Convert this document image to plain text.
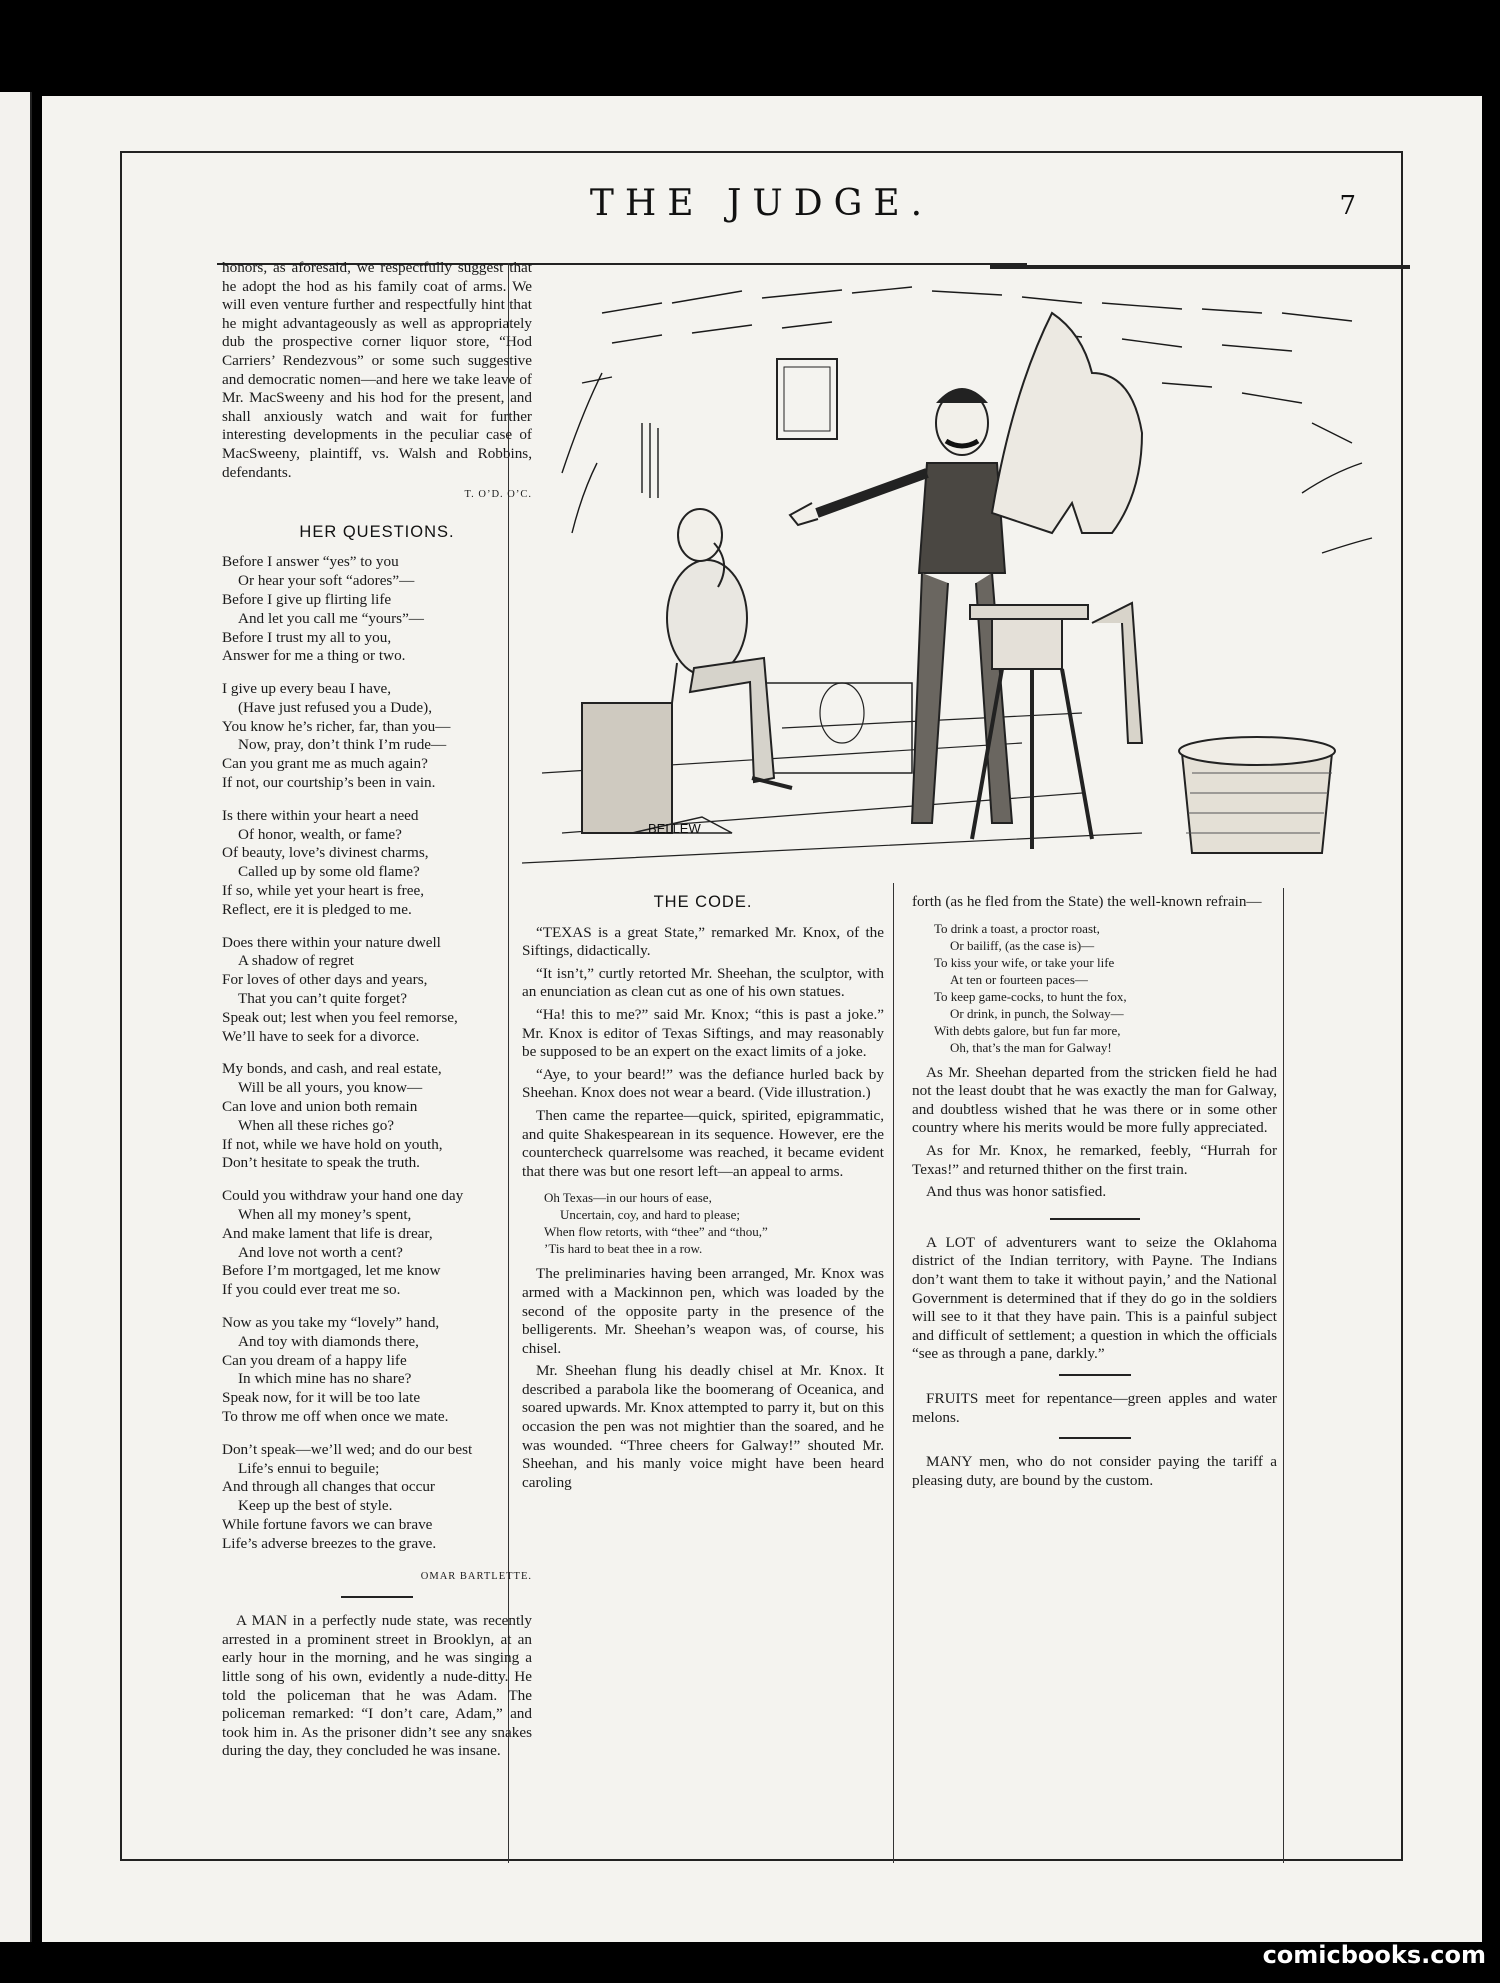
THE JUDGE.	7

honors, as aforesaid, we respectfully suggest that he adopt the hod as his family coat of arms. We will even venture further and respectfully hint that he might advantageously as well as appropriately dub the prospective corner liquor store, “Hod Carriers’ Rendezvous” or some such suggestive and democratic nomen—and here we take leave of Mr. MacSweeny and his hod for the present, and shall anxiously watch and wait for further interesting developments in the peculiar case of MacSweeny, plaintiff, vs. Walsh and Robbins, defendants.

T. O’D. O’C.
HER QUESTIONS.
Before I answer “yes” to you
Or hear your soft “adores”—
Before I give up flirting life
And let you call me “yours”—
Before I trust my all to you,
Answer for me a thing or two.
I give up every beau I have,
(Have just refused you a Dude),
You know he’s richer, far, than you—
Now, pray, don’t think I’m rude—
Can you grant me as much again?
If not, our courtship’s been in vain.
Is there within your heart a need
Of honor, wealth, or fame?
Of beauty, love’s divinest charms,
Called up by some old flame?
If so, while yet your heart is free,
Reflect, ere it is pledged to me.
Does there within your nature dwell
A shadow of regret
For loves of other days and years,
That you can’t quite forget?
Speak out; lest when you feel remorse,
We’ll have to seek for a divorce.
My bonds, and cash, and real estate,
Will be all yours, you know—
Can love and union both remain
When all these riches go?
If not, while we have hold on youth,
Don’t hesitate to speak the truth.
Could you withdraw your hand one day
When all my money’s spent,
And make lament that life is drear,
And love not worth a cent?
Before I’m mortgaged, let me know
If you could ever treat me so.
Now as you take my “lovely” hand,
And toy with diamonds there,
Can you dream of a happy life
In which mine has no share?
Speak now, for it will be too late
To throw me off when once we mate.
Don’t speak—we’ll wed; and do our best
Life’s ennui to beguile;
And through all changes that occur
Keep up the best of style.
While fortune favors we can brave
Life’s adverse breezes to the grave.
OMAR BARTLETTE.

A MAN in a perfectly nude state, was recently arrested in a prominent street in Brooklyn, at an early hour in the morning, and he was singing a little song of his own, evidently a nude-ditty. He told the policeman that he was Adam. The policeman remarked: “I don’t care, Adam,” and took him in. As the prisoner didn’t see any snakes during the day, they concluded he was insane.

BELLEW
THE CODE.

“TEXAS is a great State,” remarked Mr. Knox, of the Siftings, didactically.

“It isn’t,” curtly retorted Mr. Sheehan, the sculptor, with an enunciation as clean cut as one of his own statues.

“Ha! this to me?” said Mr. Knox; “this is past a joke.” Mr. Knox is editor of Texas Siftings, and may reasonably be supposed to be an expert on the exact limits of a joke.

“Aye, to your beard!” was the defiance hurled back by Sheehan. Knox does not wear a beard. (Vide illustration.)

Then came the repartee—quick, spirited, epigrammatic, and quite Shakespearean in its sequence. However, ere the countercheck quarrelsome was reached, it became evident that there was but one resort left—an appeal to arms.

Oh Texas—in our hours of ease,
Uncertain, coy, and hard to please;
When flow retorts, with “thee” and “thou,”
’Tis hard to beat thee in a row.

The preliminaries having been arranged, Mr. Knox was armed with a Mackinnon pen, which was loaded by the second of the opposite party in the presence of the belligerents. Mr. Sheehan’s weapon was, of course, his chisel.

Mr. Sheehan flung his deadly chisel at Mr. Knox. It described a parabola like the boomerang of Oceanica, and soared upwards. Mr. Knox attempted to parry it, but on this occasion the pen was not mightier than the soared, and he was wounded. “Three cheers for Galway!” shouted Mr. Sheehan, and his manly voice might have been heard caroling

forth (as he fled from the State) the well-known refrain—

To drink a toast, a proctor roast,
Or bailiff, (as the case is)—
To kiss your wife, or take your life
At ten or fourteen paces—
To keep game-cocks, to hunt the fox,
Or drink, in punch, the Solway—
With debts galore, but fun far more,
Oh, that’s the man for Galway!

As Mr. Sheehan departed from the stricken field he had not the least doubt that he was exactly the man for Galway, and doubtless wished that he was there or in some other country where his merits would be more fully appreciated.

As for Mr. Knox, he remarked, feebly, “Hurrah for Texas!” and returned thither on the first train.

And thus was honor satisfied.

A LOT of adventurers want to seize the Oklahoma district of the Indian territory, with Payne. The Indians don’t want them to take it without payin,’ and the National Government is determined that if they do go in the soldiers will see to it that they have pain. This is a painful subject and difficult of settlement; a question in which the officials “see as through a pane, darkly.”

FRUITS meet for repentance—green apples and water melons.

MANY men, who do not consider paying the tariff a pleasing duty, are bound by the custom.

comicbooks.com
